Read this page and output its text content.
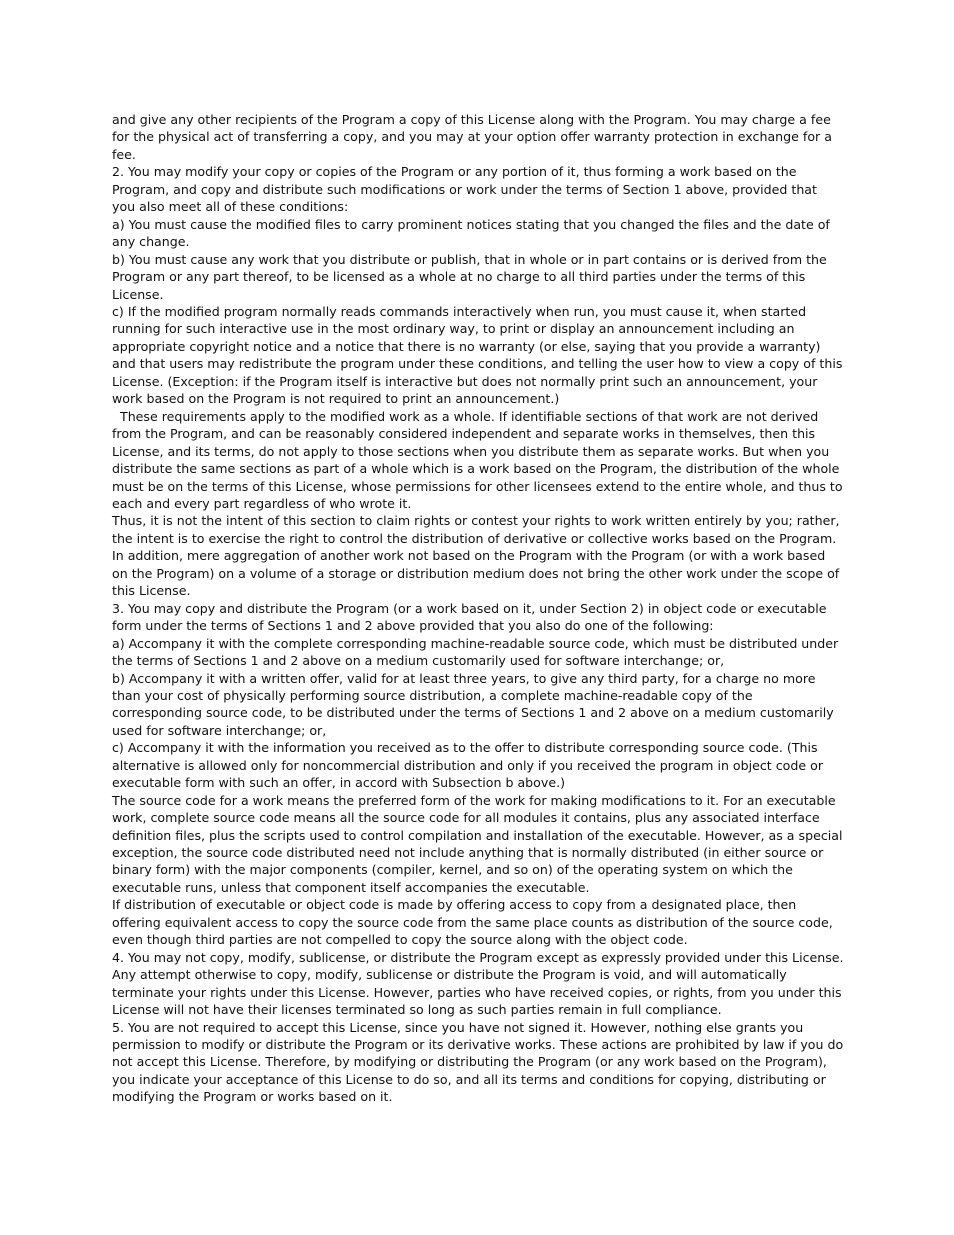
and give any other recipients of the Program a copy of this License along with the Program. You may charge a fee for the physical act of transferring a copy, and you may at your option offer warranty protection in exchange for a fee.

2. You may modify your copy or copies of the Program or any portion of it, thus forming a work based on the Program, and copy and distribute such modifications or work under the terms of Section 1 above, provided that you also meet all of these conditions:

a) You must cause the modified files to carry prominent notices stating that you changed the files and the date of any change.

b) You must cause any work that you distribute or publish, that in whole or in part contains or is derived from the Program or any part thereof, to be licensed as a whole at no charge to all third parties under the terms of this License.

c) If the modified program normally reads commands interactively when run, you must cause it, when started running for such interactive use in the most ordinary way, to print or display an announcement including an appropriate copyright notice and a notice that there is no warranty (or else, saying that you provide a warranty) and that users may redistribute the program under these conditions, and telling the user how to view a copy of this License. (Exception: if the Program itself is interactive but does not normally print such an announcement, your work based on the Program is not required to print an announcement.)

These requirements apply to the modified work as a whole. If identifiable sections of that work are not derived from the Program, and can be reasonably considered independent and separate works in themselves, then this License, and its terms, do not apply to those sections when you distribute them as separate works. But when you distribute the same sections as part of a whole which is a work based on the Program, the distribution of the whole must be on the terms of this License, whose permissions for other licensees extend to the entire whole, and thus to each and every part regardless of who wrote it.

Thus, it is not the intent of this section to claim rights or contest your rights to work written entirely by you; rather, the intent is to exercise the right to control the distribution of derivative or collective works based on the Program.

In addition, mere aggregation of another work not based on the Program with the Program (or with a work based on the Program) on a volume of a storage or distribution medium does not bring the other work under the scope of this License.

3. You may copy and distribute the Program (or a work based on it, under Section 2) in object code or executable form under the terms of Sections 1 and 2 above provided that you also do one of the following:

a) Accompany it with the complete corresponding machine-readable source code, which must be distributed under the terms of Sections 1 and 2 above on a medium customarily used for software interchange; or,

b) Accompany it with a written offer, valid for at least three years, to give any third party, for a charge no more than your cost of physically performing source distribution, a complete machine-readable copy of the corresponding source code, to be distributed under the terms of Sections 1 and 2 above on a medium customarily used for software interchange; or,

c) Accompany it with the information you received as to the offer to distribute corresponding source code. (This alternative is allowed only for noncommercial distribution and only if you received the program in object code or executable form with such an offer, in accord with Subsection b above.)

The source code for a work means the preferred form of the work for making modifications to it. For an executable work, complete source code means all the source code for all modules it contains, plus any associated interface definition files, plus the scripts used to control compilation and installation of the executable. However, as a special exception, the source code distributed need not include anything that is normally distributed (in either source or binary form) with the major components (compiler, kernel, and so on) of the operating system on which the executable runs, unless that component itself accompanies the executable.

If distribution of executable or object code is made by offering access to copy from a designated place, then offering equivalent access to copy the source code from the same place counts as distribution of the source code, even though third parties are not compelled to copy the source along with the object code.

4. You may not copy, modify, sublicense, or distribute the Program except as expressly provided under this License. Any attempt otherwise to copy, modify, sublicense or distribute the Program is void, and will automatically terminate your rights under this License. However, parties who have received copies, or rights, from you under this License will not have their licenses terminated so long as such parties remain in full compliance.

5. You are not required to accept this License, since you have not signed it. However, nothing else grants you permission to modify or distribute the Program or its derivative works. These actions are prohibited by law if you do not accept this License. Therefore, by modifying or distributing the Program (or any work based on the Program), you indicate your acceptance of this License to do so, and all its terms and conditions for copying, distributing or modifying the Program or works based on it.
